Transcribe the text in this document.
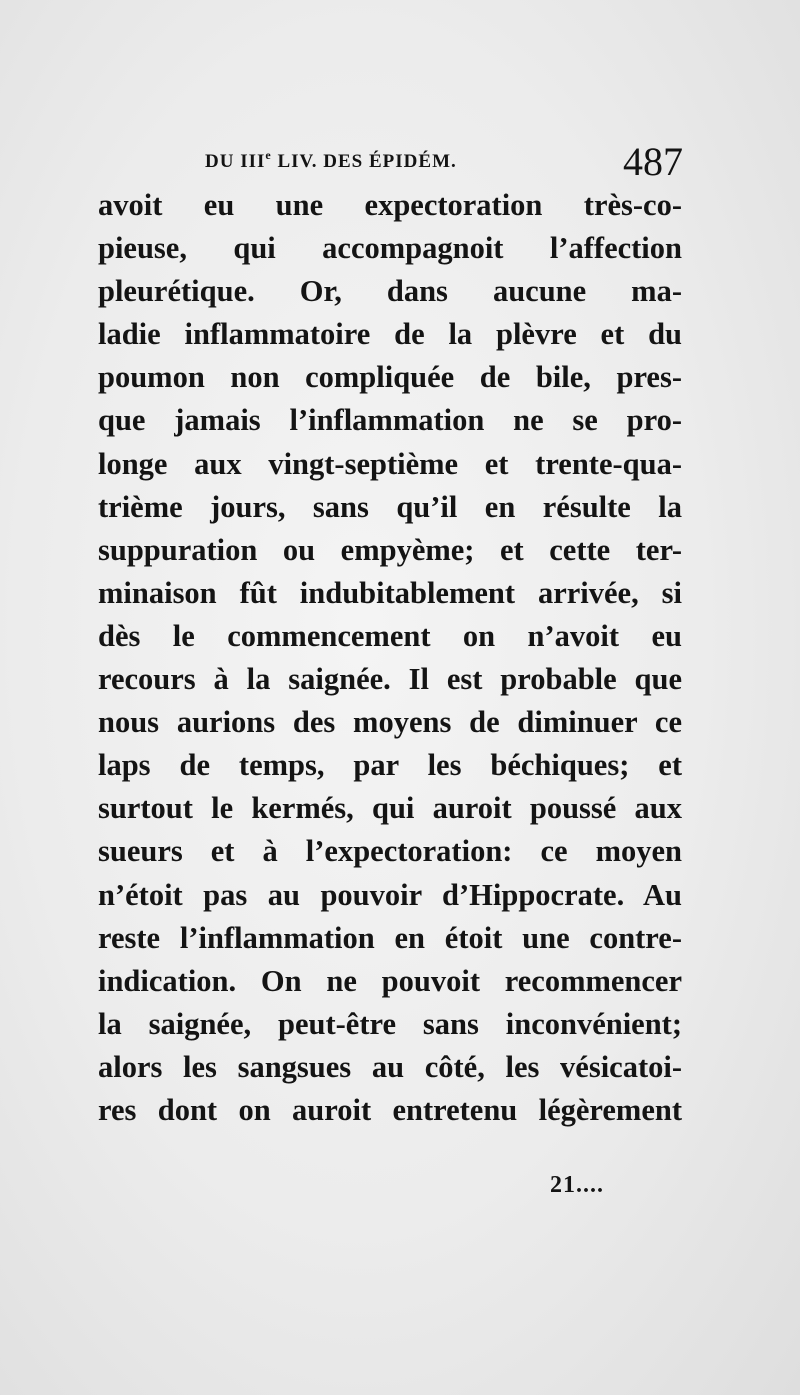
DU IIIe LIV. DES ÉPIDÉM.	487
avoit eu une expectoration très-co-
pieuse, qui accompagnoit l’affection
pleurétique. Or, dans aucune ma-
ladie inflammatoire de la plèvre et du
poumon non compliquée de bile, pres-
que jamais l’inflammation ne se pro-
longe aux vingt-septième et trente-qua-
trième jours, sans qu’il en résulte la
suppuration ou empyème; et cette ter-
minaison fût indubitablement arrivée, si
dès le commencement on n’avoit eu
recours à la saignée. Il est probable que
nous aurions des moyens de diminuer ce
laps de temps, par les béchiques; et
surtout le kermés, qui auroit poussé aux
sueurs et à l’expectoration: ce moyen
n’étoit pas au pouvoir d’Hippocrate. Au
reste l’inflammation en étoit une contre-
indication. On ne pouvoit recommencer
la saignée, peut-être sans inconvénient;
alors les sangsues au côté, les vésicatoi-
res dont on auroit entretenu légèrement
21....
